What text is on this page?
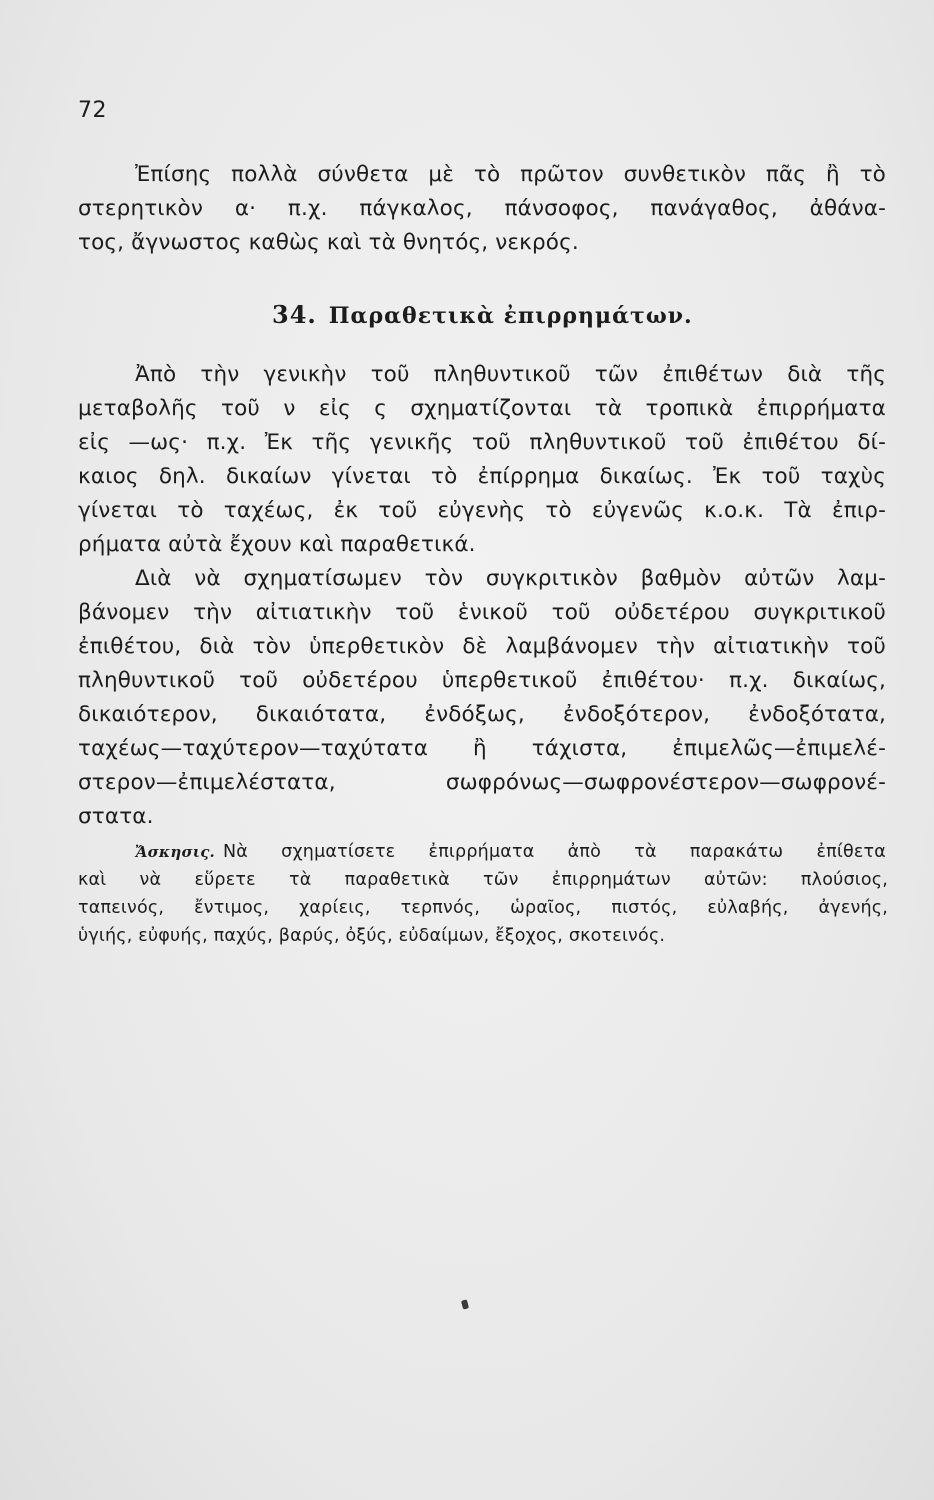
72
Ἐπίσης πολλὰ σύνθετα μὲ τὸ πρῶτον συνθετικὸν πᾶς ἢ τὸ
στερητικὸν α· π.χ. πάγκαλος, πάνσοφος, πανάγαθος, ἀθάνα-
τος, ἄγνωστος καθὼς καὶ τὰ θνητός, νεκρός.
34. Παραθετικὰ ἐπιρρημάτων.
Ἀπὸ τὴν γενικὴν τοῦ πληθυντικοῦ τῶν ἐπιθέτων διὰ τῆς
μεταβολῆς τοῦ ν εἰς ς σχηματίζονται τὰ τροπικὰ ἐπιρρήματα
εἰς —ως· π.χ. Ἐκ τῆς γενικῆς τοῦ πληθυντικοῦ τοῦ ἐπιθέτου δί-
καιος δηλ. δικαίων γίνεται τὸ ἐπίρρημα δικαίως. Ἐκ τοῦ ταχὺς
γίνεται τὸ ταχέως, ἐκ τοῦ εὐγενὴς τὸ εὐγενῶς κ.ο.κ. Τὰ ἐπιρ-
ρήματα αὐτὰ ἔχουν καὶ παραθετικά.
Διὰ νὰ σχηματίσωμεν τὸν συγκριτικὸν βαθμὸν αὐτῶν λαμ-
βάνομεν τὴν αἰτιατικὴν τοῦ ἑνικοῦ τοῦ οὐδετέρου συγκριτικοῦ
ἐπιθέτου, διὰ τὸν ὑπερθετικὸν δὲ λαμβάνομεν τὴν αἰτιατικὴν τοῦ
πληθυντικοῦ τοῦ οὐδετέρου ὑπερθετικοῦ ἐπιθέτου· π.χ. δικαίως,
δικαιότερον, δικαιότατα, ἐνδόξως, ἐνδοξότερον, ἐνδοξότατα,
ταχέως—ταχύτερον—ταχύτατα ἢ τάχιστα, ἐπιμελῶς—ἐπιμελέ-
στερον—ἐπιμελέστατα, σωφρόνως—σωφρονέστερον—σωφρονέ-
στατα.
Ἄσκησις. Νὰ σχηματίσετε ἐπιρρήματα ἀπὸ τὰ παρακάτω ἐπίθετα
καὶ νὰ εὕρετε τὰ παραθετικὰ τῶν ἐπιρρημάτων αὐτῶν: πλούσιος,
ταπεινός, ἔντιμος, χαρίεις, τερπνός, ὡραῖος, πιστός, εὐλαβής, ἀγενής,
ὑγιής, εὐφυής, παχύς, βαρύς, ὀξύς, εὐδαίμων, ἔξοχος, σκοτεινός.
